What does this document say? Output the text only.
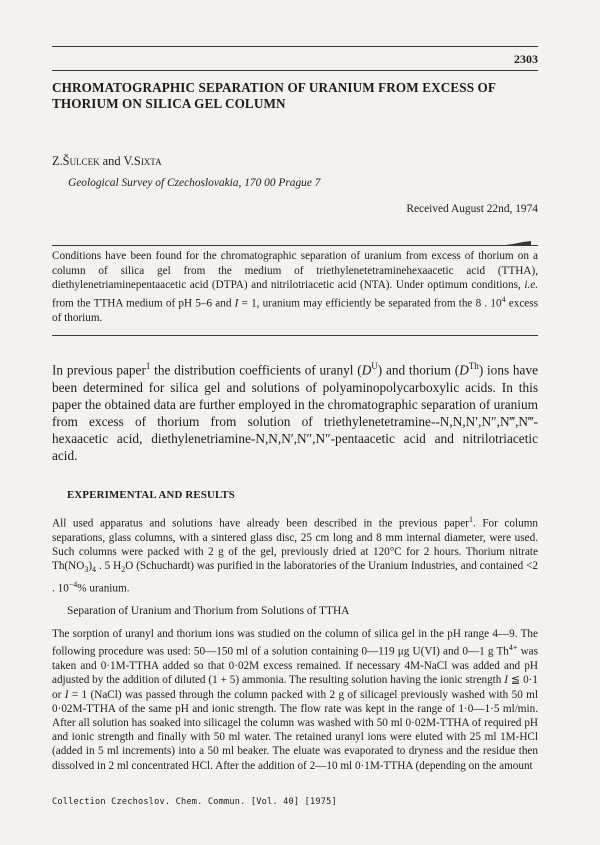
2303
CHROMATOGRAPHIC SEPARATION OF URANIUM FROM EXCESS OF THORIUM ON SILICA GEL COLUMN
Z.Šulcek and V.Sixta
Geological Survey of Czechoslovakia, 170 00 Prague 7
Received August 22nd, 1974
Conditions have been found for the chromatographic separation of uranium from excess of thorium on a column of silica gel from the medium of triethylenetetraminehexaacetic acid (TTHA), diethylenetriaminepentaacetic acid (DTPA) and nitrilotriacetic acid (NTA). Under optimum conditions, i.e. from the TTHA medium of pH 5–6 and I = 1, uranium may efficiently be separated from the 8 . $10^4$ excess of thorium.
In previous paper$^1$ the distribution coefficients of uranyl $(D^U)$ and thorium (DTh) ions have been determined for silica gel and solutions of polyaminopolycarboxylic acids. In this paper the obtained data are further employed in the chromatographic separation of uranium from excess of thorium from solution of triethylenetetramine--N,N,N′,N″,N‴,N‴-hexaacetic acid, diethylenetriamine-N,N,N′,N″,N″-pentaacetic acid and nitrilotriacetic acid.
EXPERIMENTAL AND RESULTS
All used apparatus and solutions have already been described in the previous paper$^1$. For column separations, glass columns, with a sintered glass disc, 25 cm long and 8 mm internal diameter, were used. Such columns were packed with 2 g of the gel, previously dried at 120°C for 2 hours. Thorium nitrate $Th(NO_3)_4$ . 5 $H_2O$ (Schuchardt) was purified in the laboratories of the Uranium Industries, and contained <2 . $10^{-4}\%$ uranium.
Separation of Uranium and Thorium from Solutions of TTHA
The sorption of uranyl and thorium ions was studied on the column of silica gel in the pH range 4—9. The following procedure was used: 50—150 ml of a solution containing 0—119 μg U(VI) and 0—1 g $Th^{4+}$ was taken and 0·1M-TTHA added so that 0·02M excess remained. If necessary 4M-NaCl was added and pH adjusted by the addition of diluted (1 + 5) ammonia. The resulting solution having the ionic strength I ≦ 0·1 or I = 1 (NaCl) was passed through the column packed with 2 g of silicagel previously washed with 50 ml 0·02M-TTHA of the same pH and ionic strength. The flow rate was kept in the range of 1·0—1·5 ml/min. After all solution has soaked into silicagel the column was washed with 50 ml 0·02M-TTHA of required pH and ionic strength and finally with 50 ml water. The retained uranyl ions were eluted with 25 ml 1M-HCl (added in 5 ml increments) into a 50 ml beaker. The eluate was evaporated to dryness and the residue then dissolved in 2 ml concentrated HCl. After the addition of 2—10 ml 0·1M-TTHA (depending on the amount
Collection Czechoslov. Chem. Commun. [Vol. 40] [1975]
